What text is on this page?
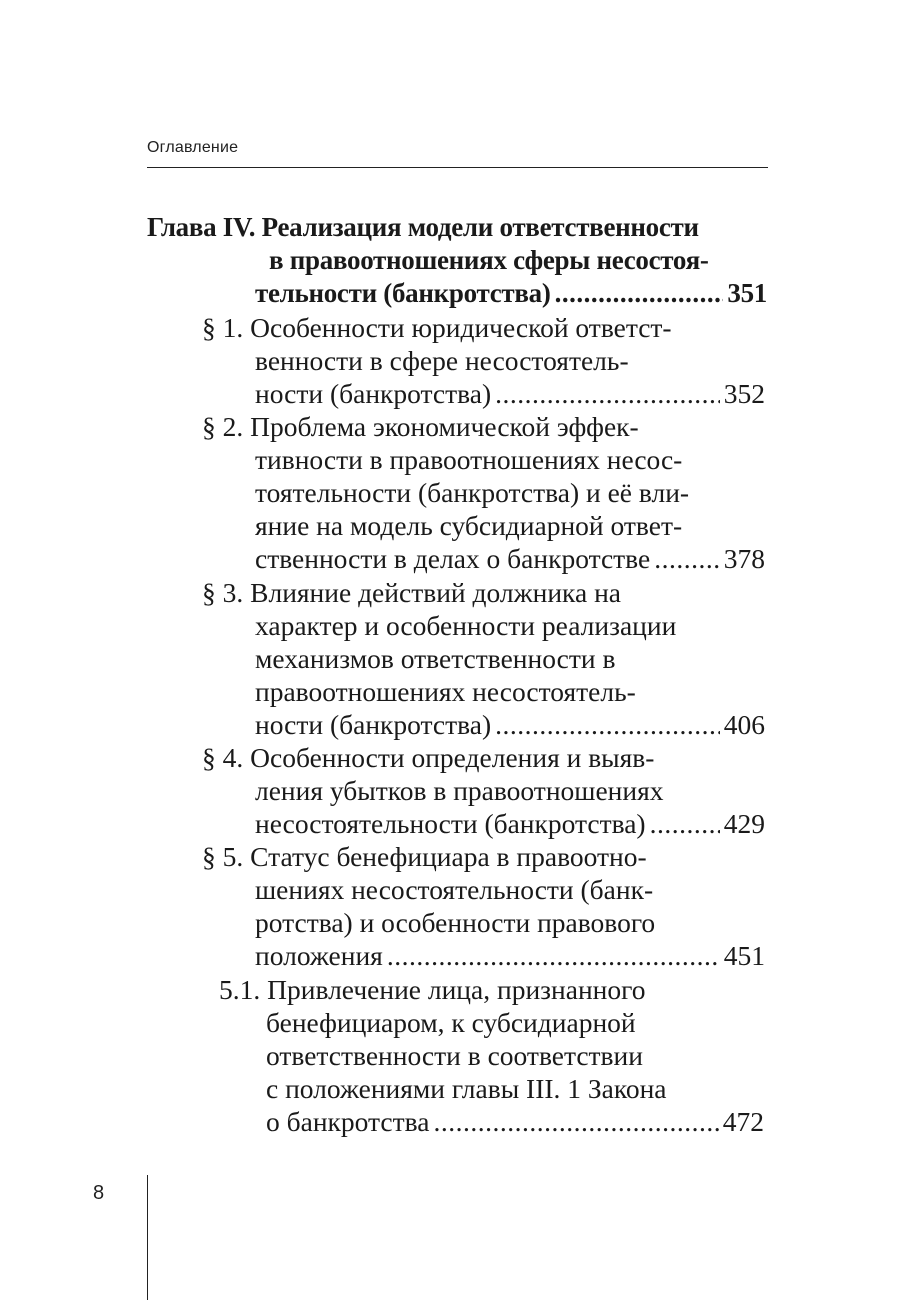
Оглавление
Глава IV. Реализация модели ответственности
в правоотношениях сферы несостоя-
тельности (банкротства) .....	351
§ 1. Особенности юридической ответст-
венности в сфере несостоятель-
ности (банкротства) .....	352
§ 2. Проблема экономической эффек-
тивности в правоотношениях несос-
тоятельности (банкротства) и её вли-
яние на модель субсидиарной ответ-
ственности в делах о банкротстве .....	378
§ 3. Влияние действий должника на
характер и особенности реализации
механизмов ответственности в
правоотношениях несостоятель-
ности (банкротства) .....	406
§ 4. Особенности определения и выяв-
ления убытков в правоотношениях
несостоятельности (банкротства) .....	429
§ 5. Статус бенефициара в правоотно-
шениях несостоятельности (банк-
ротства) и особенности правового
положения .....	451
5.1. Привлечение лица, признанного
бенефициаром, к субсидиарной
ответственности в соответствии
с положениями главы III. 1 Закона
о банкротства .....	472
8
